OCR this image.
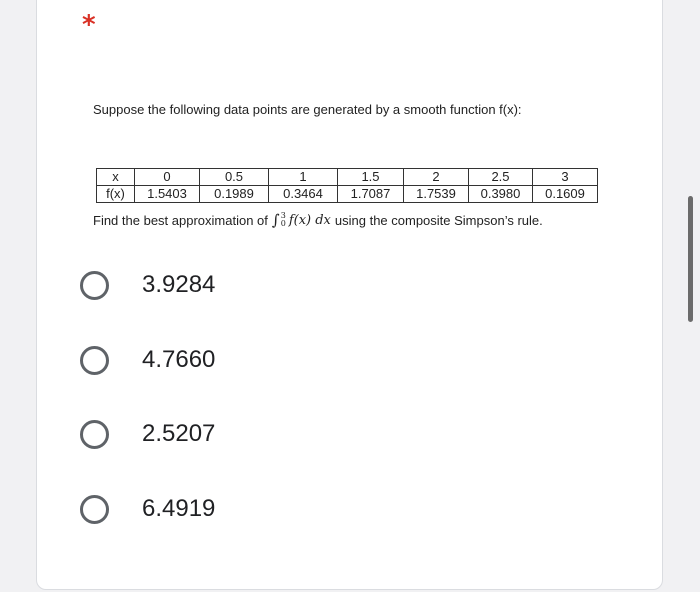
*
Suppose the following data points are generated by a smooth function f(x):
x	0	0.5	1	1.5	2	2.5	3
f(x)	1.5403	0.1989	0.3464	1.7087	1.7539	0.3980	0.1609
Find the best approximation of ∫ 3
0 f(x) dx using the composite Simpson’s rule.
3.9284
4.7660
2.5207
6.4919
